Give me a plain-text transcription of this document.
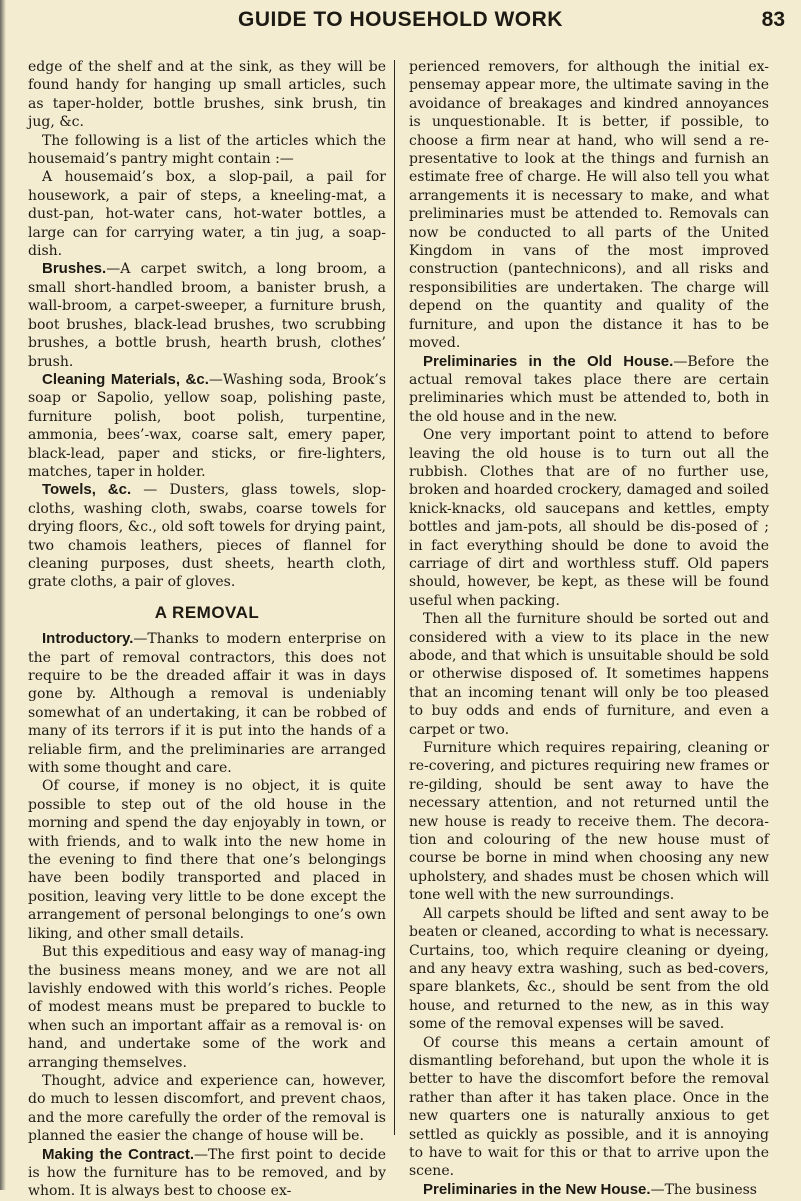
GUIDE TO HOUSEHOLD WORK	83

edge of the shelf and at the sink, as they will be found handy for hanging up small articles, such as taper-holder, bottle brushes, sink brush, tin jug, &c.

The following is a list of the articles which the housemaid’s pantry might contain :—

A housemaid’s box, a slop-pail, a pail for housework, a pair of steps, a kneeling-mat, a dust-pan, hot-water cans, hot-water bottles, a large can for carrying water, a tin jug, a soap-dish.

Brushes.—A carpet switch, a long broom, a small short-handled broom, a banister brush, a wall-broom, a carpet-sweeper, a furniture brush, boot brushes, black-lead brushes, two scrubbing brushes, a bottle brush, hearth brush, clothes’ brush.

Cleaning Materials, &c.—Washing soda, Brook’s soap or Sapolio, yellow soap, polishing paste, furniture polish, boot polish, turpentine, ammonia, bees’-wax, coarse salt, emery paper, black-lead, paper and sticks, or fire-lighters, matches, taper in holder.

Towels, &c. — Dusters, glass towels, slop-cloths, washing cloth, swabs, coarse towels for drying floors, &c., old soft towels for drying paint, two chamois leathers, pieces of flannel for cleaning purposes, dust sheets, hearth cloth, grate cloths, a pair of gloves.

A REMOVAL

Introductory.—Thanks to modern enterprise on the part of removal contractors, this does not require to be the dreaded affair it was in days gone by. Although a removal is undeniably somewhat of an undertaking, it can be robbed of many of its terrors if it is put into the hands of a reliable firm, and the preliminaries are arranged with some thought and care.

Of course, if money is no object, it is quite possible to step out of the old house in the morning and spend the day enjoyably in town, or with friends, and to walk into the new home in the evening to find there that one’s belongings have been bodily transported and placed in position, leaving very little to be done except the arrangement of personal belongings to one’s own liking, and other small details.

But this expeditious and easy way of manag-ing the business means money, and we are not all lavishly endowed with this world’s riches. People of modest means must be prepared to buckle to when such an important affair as a removal is· on hand, and undertake some of the work and arranging themselves.

Thought, advice and experience can, however, do much to lessen discomfort, and prevent chaos, and the more carefully the order of the removal is planned the easier the change of house will be.

Making the Contract.—The first point to decide is how the furniture has to be removed, and by whom. It is always best to choose ex-

perienced removers, for although the initial ex-pensemay appear more, the ultimate saving in the avoidance of breakages and kindred annoyances is unquestionable. It is better, if possible, to choose a firm near at hand, who will send a re-presentative to look at the things and furnish an estimate free of charge. He will also tell you what arrangements it is necessary to make, and what preliminaries must be attended to. Removals can now be conducted to all parts of the United Kingdom in vans of the most improved construction (pantechnicons), and all risks and responsibilities are undertaken. The charge will depend on the quantity and quality of the furniture, and upon the distance it has to be moved.

Preliminaries in the Old House.—Before the actual removal takes place there are certain preliminaries which must be attended to, both in the old house and in the new.

One very important point to attend to before leaving the old house is to turn out all the rubbish. Clothes that are of no further use, broken and hoarded crockery, damaged and soiled knick-knacks, old saucepans and kettles, empty bottles and jam-pots, all should be dis-posed of ; in fact everything should be done to avoid the carriage of dirt and worthless stuff. Old papers should, however, be kept, as these will be found useful when packing.

Then all the furniture should be sorted out and considered with a view to its place in the new abode, and that which is unsuitable should be sold or otherwise disposed of. It sometimes happens that an incoming tenant will only be too pleased to buy odds and ends of furniture, and even a carpet or two.

Furniture which requires repairing, cleaning or re-covering, and pictures requiring new frames or re-gilding, should be sent away to have the necessary attention, and not returned until the new house is ready to receive them. The decora-tion and colouring of the new house must of course be borne in mind when choosing any new upholstery, and shades must be chosen which will tone well with the new surroundings.

All carpets should be lifted and sent away to be beaten or cleaned, according to what is necessary. Curtains, too, which require cleaning or dyeing, and any heavy extra washing, such as bed-covers, spare blankets, &c., should be sent from the old house, and returned to the new, as in this way some of the removal expenses will be saved.

Of course this means a certain amount of dismantling beforehand, but upon the whole it is better to have the discomfort before the removal rather than after it has taken place. Once in the new quarters one is naturally anxious to get settled as quickly as possible, and it is annoying to have to wait for this or that to arrive upon the scene.

Preliminaries in the New House.—The business
